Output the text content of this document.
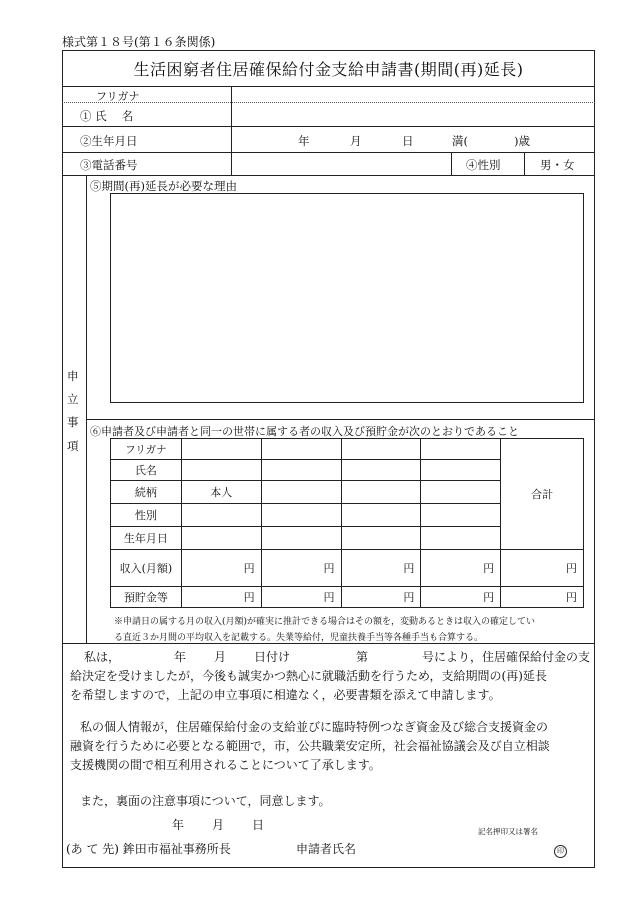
様式第１８号(第１６条関係)
生活困窮者住居確保給付金支給申請書(期間(再)延長)
フリガナ
① 氏　 名
②生年月日	年	月	日	満(	)歳
③電話番号	④性別	男・女
申
立
事
項
⑤期間(再)延長が必要な理由
⑥申請者及び申請者と同一の世帯に属する者の収入及び預貯金が次のとおりであること
フリガナ					合計
氏名					
続柄	本人				
性別					
生年月日					
収入(月額)	円	円	円	円	円
預貯金等	円	円	円	円	円
※申請日の属する月の収入(月額)が確実に推計できる場合はその額を，変動あるときは収入の確定してい
る直近３か月間の平均収入を記載する。失業等給付，児童扶養手当等各種手当も合算する。
私は，	年 月 日付け	第	号により，住居確保給付金の支
給決定を受けましたが，今後も誠実かつ熱心に就職活動を行うため，支給期間の(再)延長
を希望しますので，上記の申立事項に相違なく，必要書類を添えて申請します。
私の個人情報が，住居確保給付金の支給並びに臨時特例つなぎ資金及び総合支援資金の
融資を行うために必要となる範囲で，市，公共職業安定所，社会福祉協議会及び自立相談
支援機関の間で相互利用されることについて了承します。
また，裏面の注意事項について，同意します。
年 月 日	記名押印又は署名
(あ て 先) 鉾田市福祉事務所長	申請者氏名	印
